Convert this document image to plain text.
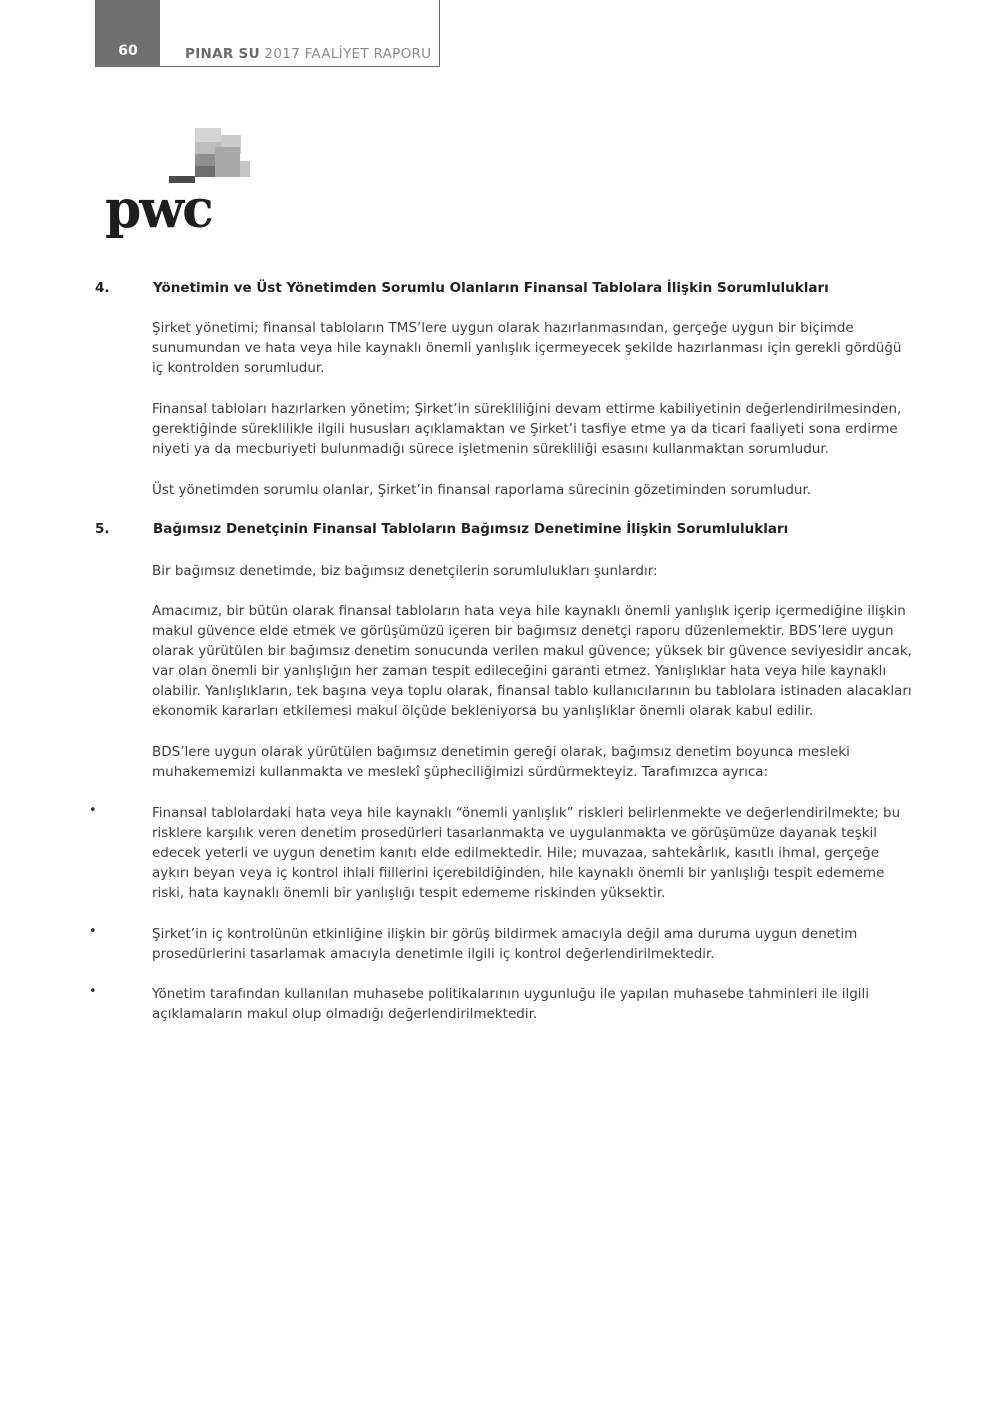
60	PINAR SU 2017 FAALİYET RAPORU
pwc
4.	Yönetimin ve Üst Yönetimden Sorumlu Olanların Finansal Tablolara İlişkin Sorumlulukları

Şirket yönetimi; finansal tabloların TMS’lere uygun olarak hazırlanmasından, gerçeğe uygun bir biçimde sunumundan ve hata veya hile kaynaklı önemli yanlışlık içermeyecek şekilde hazırlanması için gerekli gördüğü iç kontrolden sorumludur.

Finansal tabloları hazırlarken yönetim; Şirket’in sürekliliğini devam ettirme kabiliyetinin değerlendirilmesinden, gerektiğinde süreklilikle ilgili hususları açıklamaktan ve Şirket’i tasfiye etme ya da ticari faaliyeti sona erdirme niyeti ya da mecburiyeti bulunmadığı sürece işletmenin sürekliliği esasını kullanmaktan sorumludur.

Üst yönetimden sorumlu olanlar, Şirket’in finansal raporlama sürecinin gözetiminden sorumludur.

5.	Bağımsız Denetçinin Finansal Tabloların Bağımsız Denetimine İlişkin Sorumlulukları

Bir bağımsız denetimde, biz bağımsız denetçilerin sorumlulukları şunlardır:

Amacımız, bir bütün olarak finansal tabloların hata veya hile kaynaklı önemli yanlışlık içerip içermediğine ilişkin makul güvence elde etmek ve görüşümüzü içeren bir bağımsız denetçi raporu düzenlemektir. BDS’lere uygun olarak yürütülen bir bağımsız denetim sonucunda verilen makul güvence; yüksek bir güvence seviyesidir ancak, var olan önemli bir yanlışlığın her zaman tespit edileceğini garanti etmez. Yanlışlıklar hata veya hile kaynaklı olabilir. Yanlışlıkların, tek başına veya toplu olarak, finansal tablo kullanıcılarının bu tablolara istinaden alacakları ekonomik kararları etkilemesi makul ölçüde bekleniyorsa bu yanlışlıklar önemli olarak kabul edilir.

BDS’lere uygun olarak yürütülen bağımsız denetimin gereği olarak, bağımsız denetim boyunca mesleki muhakememizi kullanmakta ve meslekî şüpheciliğimizi sürdürmekteyiz. Tarafımızca ayrıca:

•	Finansal tablolardaki hata veya hile kaynaklı “önemli yanlışlık” riskleri belirlenmekte ve değerlendirilmekte; bu risklere karşılık veren denetim prosedürleri tasarlanmakta ve uygulanmakta ve görüşümüze dayanak teşkil edecek yeterli ve uygun denetim kanıtı elde edilmektedir. Hile; muvazaa, sahtekârlık, kasıtlı ihmal, gerçeğe aykırı beyan veya iç kontrol ihlali fiillerini içerebildiğinden, hile kaynaklı önemli bir yanlışlığı tespit edememe riski, hata kaynaklı önemli bir yanlışlığı tespit edememe riskinden yüksektir.

•	Şirket’in iç kontrolünün etkinliğine ilişkin bir görüş bildirmek amacıyla değil ama duruma uygun denetim prosedürlerini tasarlamak amacıyla denetimle ilgili iç kontrol değerlendirilmektedir.

•	Yönetim tarafından kullanılan muhasebe politikalarının uygunluğu ile yapılan muhasebe tahminleri ile ilgili açıklamaların makul olup olmadığı değerlendirilmektedir.
